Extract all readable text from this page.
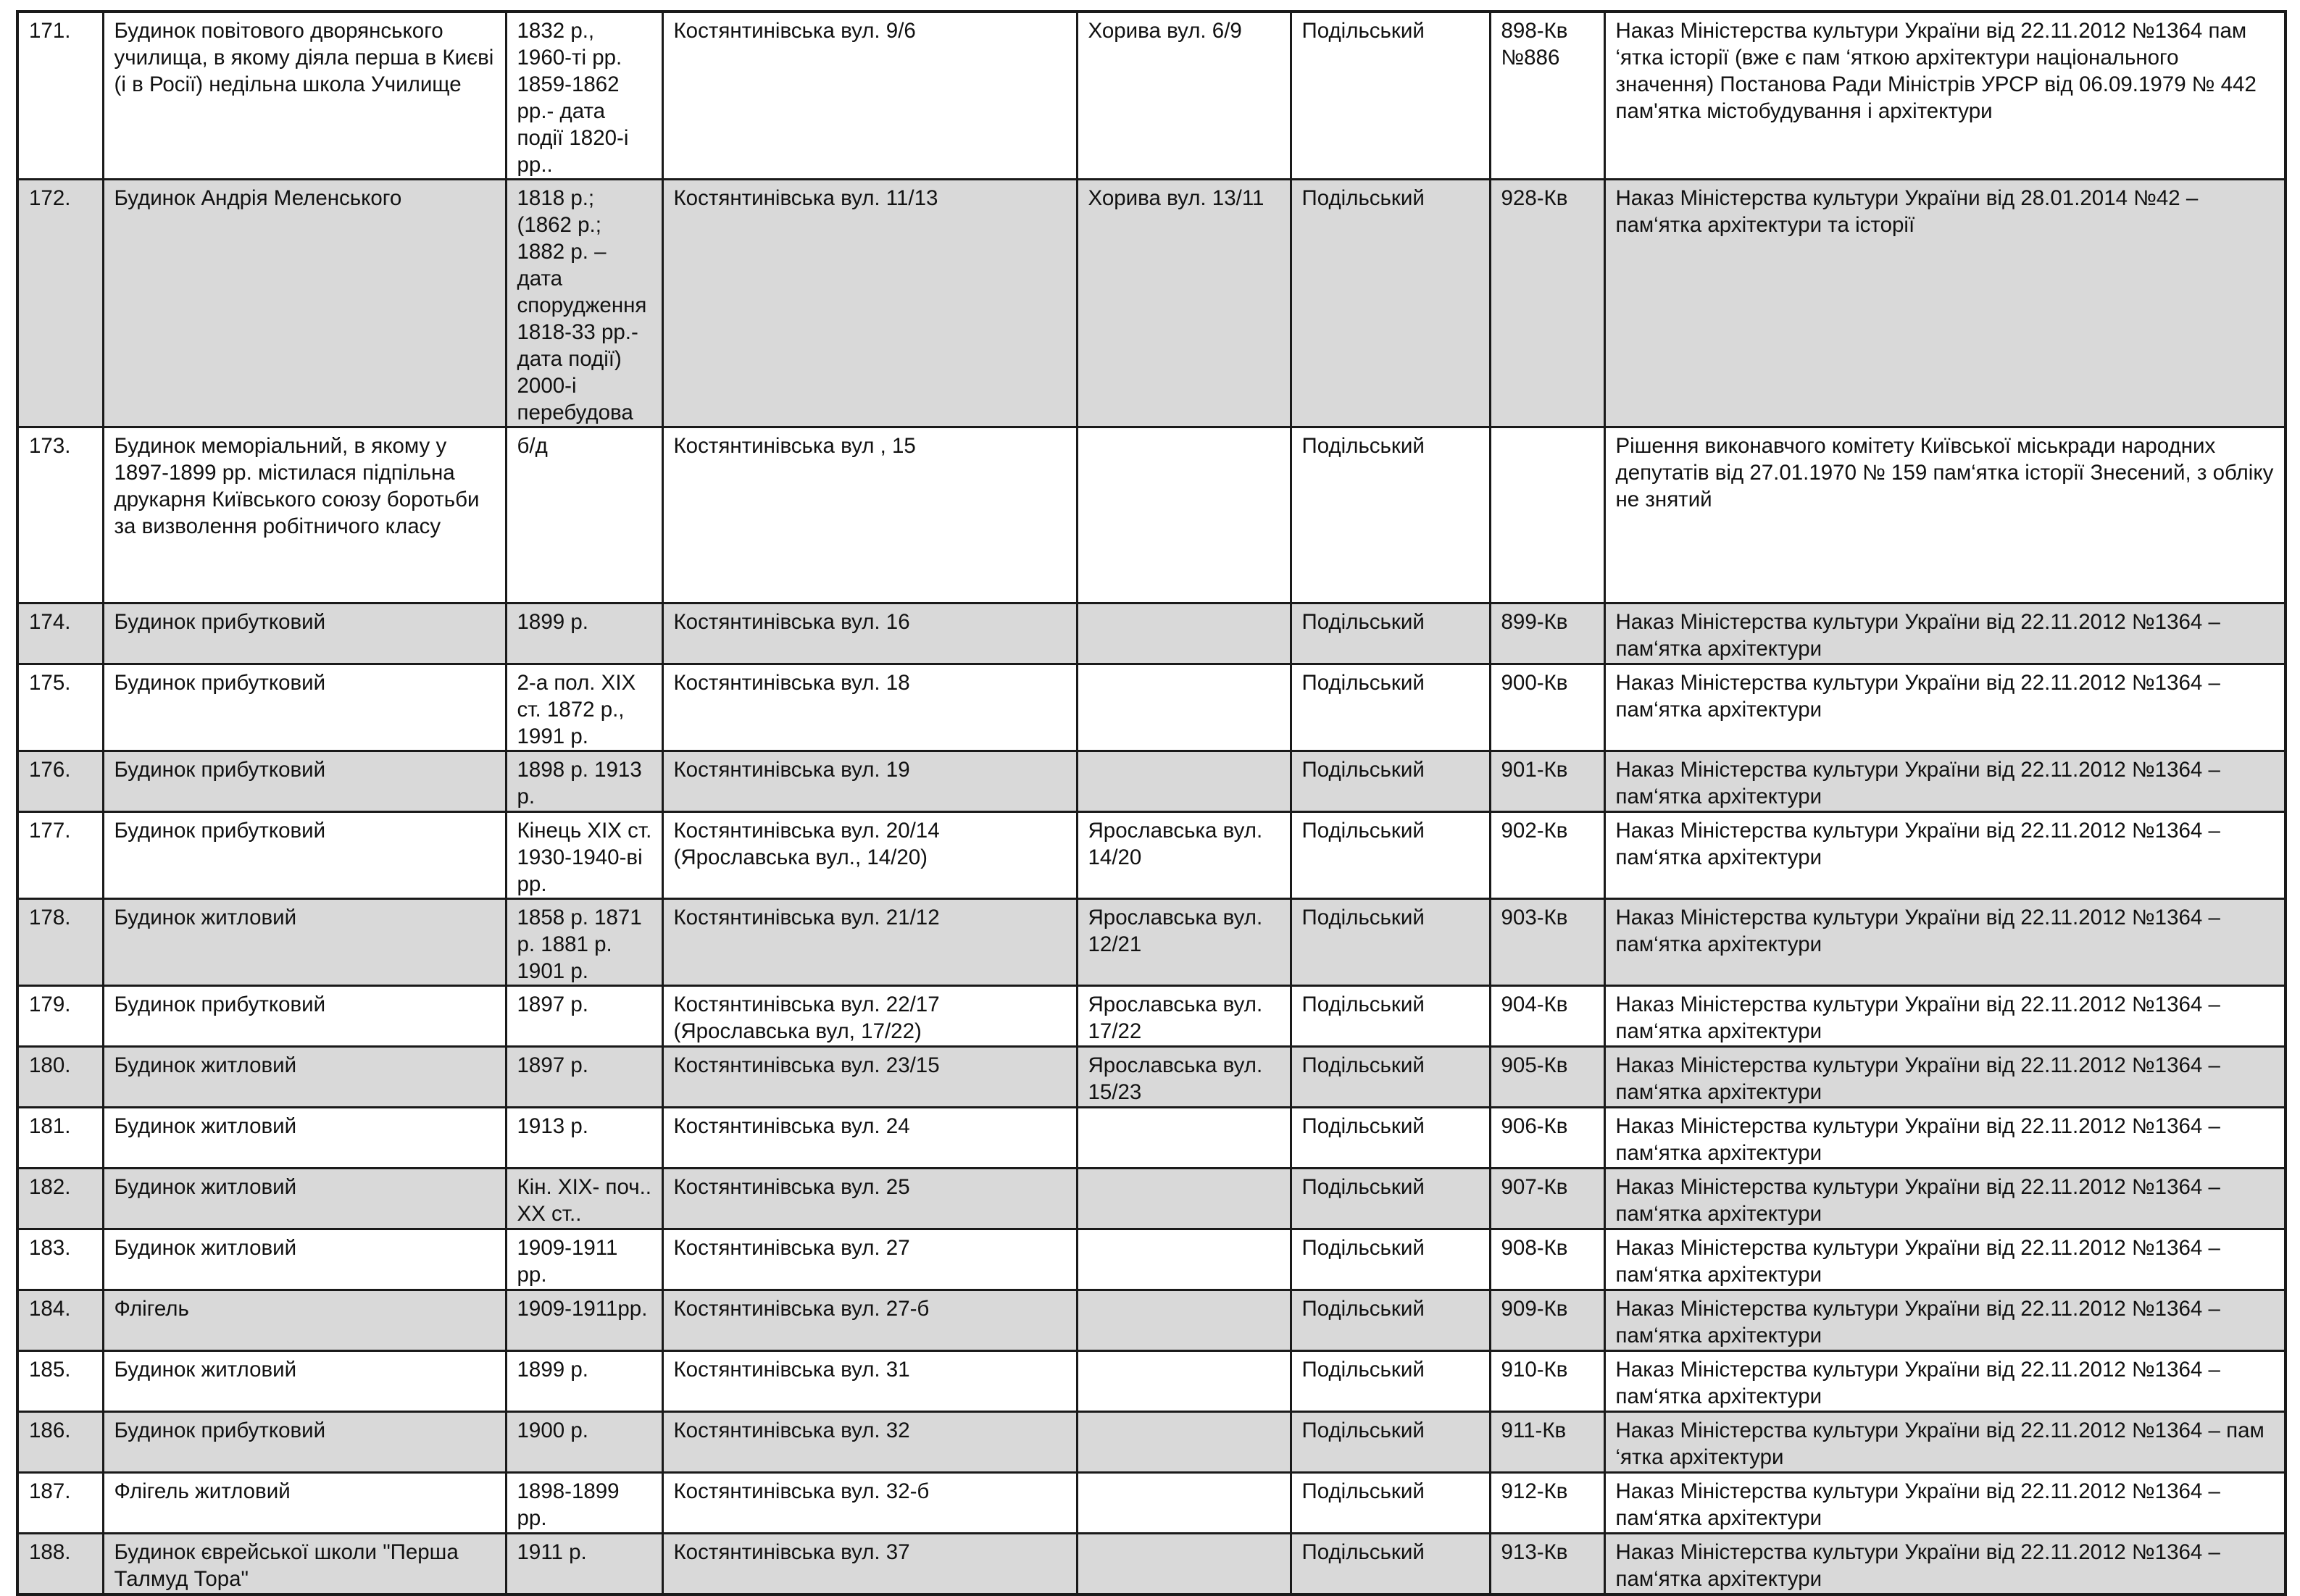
171.	Будинок повітового дворянського училища, в якому діяла перша в Києві (і в Росії) недільна школа Училище	1832 р., 1960-ті рр. 1859-1862 рр.- дата події 1820-і рр..	Костянтинівська вул. 9/6	Хорива вул. 6/9	Подільський	898-Кв №886	Наказ Міністерства культури України від 22.11.2012 №1364 пам ‘ятка історії (вже є пам ‘яткою архітектури національного значення) Постанова Ради Міністрів УРСР від 06.09.1979 № 442 пам'ятка містобудування і архітектури
172.	Будинок Андрія Меленського	1818 р.; (1862 р.; 1882 р. – дата спорудження 1818-33 рр.- дата події) 2000-і перебудова	Костянтинівська вул. 11/13	Хорива вул. 13/11	Подільський	928-Кв	Наказ Міністерства культури України від 28.01.2014 №42 – пам‘ятка архітектури та історії
173.	Будинок меморіальний, в якому у 1897-1899 рр. містилася підпільна друкарня Київського союзу боротьби за визволення робітничого класу	б/д	Костянтинівська вул , 15		Подільський		Рішення виконавчого комітету Київської міськради народних депутатів від 27.01.1970 № 159 пам‘ятка історії Знесений, з обліку не знятий
174.	Будинок прибутковий	1899 р.	Костянтинівська вул. 16		Подільський	899-Кв	Наказ Міністерства культури України від 22.11.2012 №1364 – пам‘ятка архітектури
175.	Будинок прибутковий	2-а пол. ХІХ ст. 1872 р., 1991 р.	Костянтинівська вул. 18		Подільський	900-Кв	Наказ Міністерства культури України від 22.11.2012 №1364 – пам‘ятка архітектури
176.	Будинок прибутковий	1898 р. 1913 р.	Костянтинівська вул. 19		Подільський	901-Кв	Наказ Міністерства культури України від 22.11.2012 №1364 – пам‘ятка архітектури
177.	Будинок прибутковий	Кінець ХІХ ст. 1930-1940-ві рр.	Костянтинівська вул. 20/14 (Ярославська вул., 14/20)	Ярославська вул. 14/20	Подільський	902-Кв	Наказ Міністерства культури України від 22.11.2012 №1364 – пам‘ятка архітектури
178.	Будинок житловий	1858 р. 1871 р. 1881 р. 1901 р.	Костянтинівська вул. 21/12	Ярославська вул. 12/21	Подільський	903-Кв	Наказ Міністерства культури України від 22.11.2012 №1364 – пам‘ятка архітектури
179.	Будинок прибутковий	1897 р.	Костянтинівська вул. 22/17 (Ярославська вул, 17/22)	Ярославська вул. 17/22	Подільський	904-Кв	Наказ Міністерства культури України від 22.11.2012 №1364 – пам‘ятка архітектури
180.	Будинок житловий	1897 р.	Костянтинівська вул. 23/15	Ярославська вул. 15/23	Подільський	905-Кв	Наказ Міністерства культури України від 22.11.2012 №1364 – пам‘ятка архітектури
181.	Будинок житловий	1913 р.	Костянтинівська вул. 24		Подільський	906-Кв	Наказ Міністерства культури України від 22.11.2012 №1364 – пам‘ятка архітектури
182.	Будинок житловий	Кін. ХІХ- поч.. ХХ ст..	Костянтинівська вул. 25		Подільський	907-Кв	Наказ Міністерства культури України від 22.11.2012 №1364 – пам‘ятка архітектури
183.	Будинок житловий	1909-1911 рр.	Костянтинівська вул. 27		Подільський	908-Кв	Наказ Міністерства культури України від 22.11.2012 №1364 – пам‘ятка архітектури
184.	Флігель	1909-1911рр.	Костянтинівська вул. 27-б		Подільський	909-Кв	Наказ Міністерства культури України від 22.11.2012 №1364 – пам‘ятка архітектури
185.	Будинок житловий	1899 р.	Костянтинівська вул. 31		Подільський	910-Кв	Наказ Міністерства культури України від 22.11.2012 №1364 – пам‘ятка архітектури
186.	Будинок прибутковий	1900 р.	Костянтинівська вул. 32		Подільський	911-Кв	Наказ Міністерства культури України від 22.11.2012 №1364 – пам ‘ятка архітектури
187.	Флігель житловий	1898-1899 рр.	Костянтинівська вул. 32-б		Подільський	912-Кв	Наказ Міністерства культури України від 22.11.2012 №1364 – пам‘ятка архітектури
188.	Будинок єврейської школи "Перша Талмуд Тора"	1911 р.	Костянтинівська вул. 37		Подільський	913-Кв	Наказ Міністерства культури України від 22.11.2012 №1364 – пам‘ятка архітектури
